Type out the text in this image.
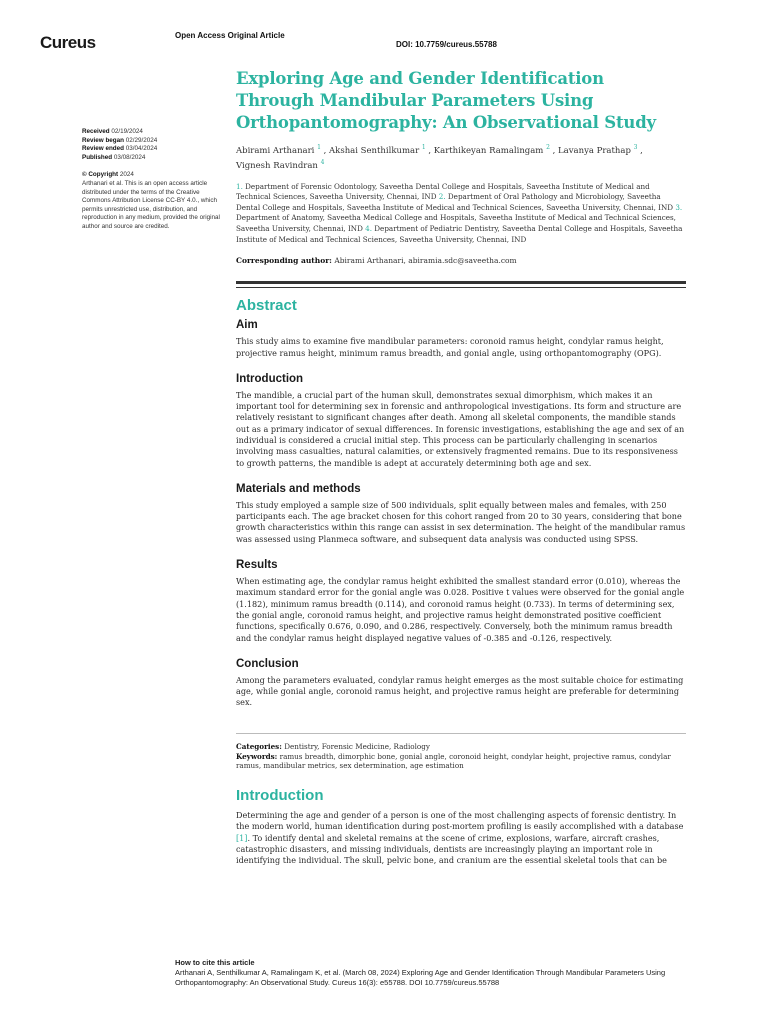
Cureus	Open Access Original Article
DOI: 10.7759/cureus.55788
Received 02/19/2024
Review began 02/29/2024
Review ended 03/04/2024
Published 03/08/2024
© Copyright 2024
Arthanari et al. This is an open access article distributed under the terms of the Creative Commons Attribution License CC-BY 4.0., which permits unrestricted use, distribution, and reproduction in any medium, provided the original author and source are credited.
Exploring Age and Gender Identification Through Mandibular Parameters Using Orthopantomography: An Observational Study
Abirami Arthanari $^1$ , Akshai Senthilkumar $^1$ , Karthikeyan Ramalingam $^2$ , Lavanya Prathap $^3$ ,
Vignesh Ravindran $^4$
1. Department of Forensic Odontology, Saveetha Dental College and Hospitals, Saveetha Institute of Medical and Technical Sciences, Saveetha University, Chennai, IND 2. Department of Oral Pathology and Microbiology, Saveetha Dental College and Hospitals, Saveetha Institute of Medical and Technical Sciences, Saveetha University, Chennai, IND 3. Department of Anatomy, Saveetha Medical College and Hospitals, Saveetha Institute of Medical and Technical Sciences, Saveetha University, Chennai, IND 4. Department of Pediatric Dentistry, Saveetha Dental College and Hospitals, Saveetha Institute of Medical and Technical Sciences, Saveetha University, Chennai, IND
Corresponding author: Abirami Arthanari, abiramia.sdc@saveetha.com
Abstract
Aim

This study aims to examine five mandibular parameters: coronoid ramus height, condylar ramus height, projective ramus height, minimum ramus breadth, and gonial angle, using orthopantomography (OPG).

Introduction

The mandible, a crucial part of the human skull, demonstrates sexual dimorphism, which makes it an important tool for determining sex in forensic and anthropological investigations. Its form and structure are relatively resistant to significant changes after death. Among all skeletal components, the mandible stands out as a primary indicator of sexual differences. In forensic investigations, establishing the age and sex of an individual is considered a crucial initial step. This process can be particularly challenging in scenarios involving mass casualties, natural calamities, or extensively fragmented remains. Due to its responsiveness to growth patterns, the mandible is adept at accurately determining both age and sex.

Materials and methods

This study employed a sample size of 500 individuals, split equally between males and females, with 250 participants each. The age bracket chosen for this cohort ranged from 20 to 30 years, considering that bone growth characteristics within this range can assist in sex determination. The height of the mandibular ramus was assessed using Planmeca software, and subsequent data analysis was conducted using SPSS.

Results

When estimating age, the condylar ramus height exhibited the smallest standard error (0.010), whereas the maximum standard error for the gonial angle was 0.028. Positive t values were observed for the gonial angle (1.182), minimum ramus breadth (0.114), and coronoid ramus height (0.733). In terms of determining sex, the gonial angle, coronoid ramus height, and projective ramus height demonstrated positive coefficient functions, specifically 0.676, 0.090, and 0.286, respectively. Conversely, both the minimum ramus breadth and the condylar ramus height displayed negative values of -0.385 and -0.126, respectively.

Conclusion

Among the parameters evaluated, condylar ramus height emerges as the most suitable choice for estimating age, while gonial angle, coronoid ramus height, and projective ramus height are preferable for determining sex.

Categories: Dentistry, Forensic Medicine, Radiology
Keywords: ramus breadth, dimorphic bone, gonial angle, coronoid height, condylar height, projective ramus, condylar ramus, mandibular metrics, sex determination, age estimation
Introduction

Determining the age and gender of a person is one of the most challenging aspects of forensic dentistry. In the modern world, human identification during post-mortem profiling is easily accomplished with a database [1]. To identify dental and skeletal remains at the scene of crime, explosions, warfare, aircraft crashes, catastrophic disasters, and missing individuals, dentists are increasingly playing an important role in identifying the individual. The skull, pelvic bone, and cranium are the essential skeletal tools that can be

How to cite this article
Arthanari A, Senthilkumar A, Ramalingam K, et al. (March 08, 2024) Exploring Age and Gender Identification Through Mandibular Parameters Using Orthopantomography: An Observational Study. Cureus 16(3): e55788. DOI 10.7759/cureus.55788
